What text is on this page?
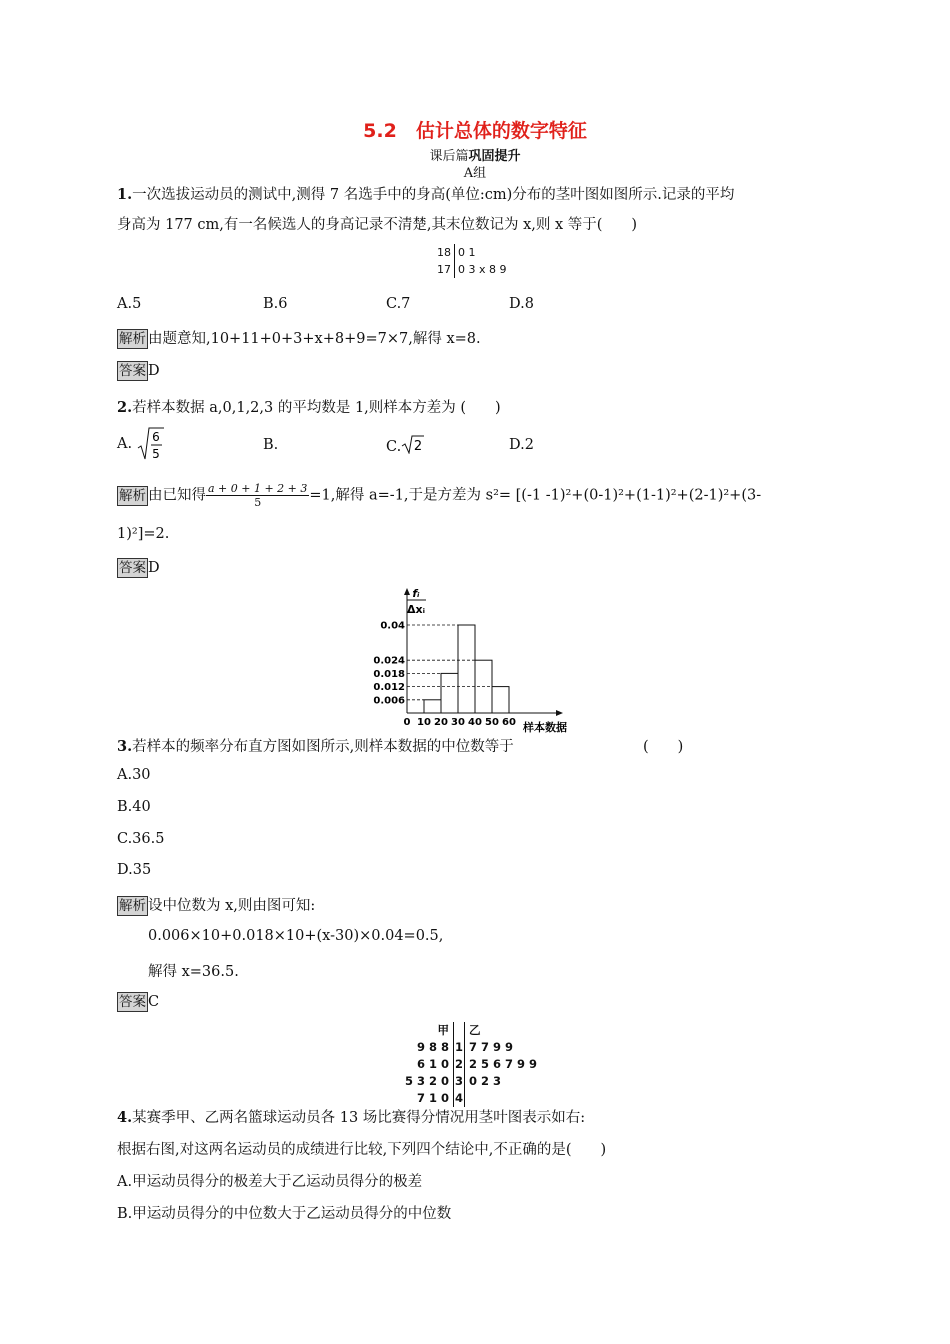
5.2　估计总体的数字特征
课后篇巩固提升
A组
1.一次选拔运动员的测试中,测得 7 名选手中的身高(单位:cm)分布的茎叶图如图所示.记录的平均
身高为 177 cm,有一名候选人的身高记录不清楚,其末位数记为 x,则 x 等于(　　)
18	0 1
17	0 3 x 8 9
A.5	B.6	C.7	D.8
解析 由题意知,10+11+0+3+x+8+9=7×7,解得 x=8.
答案 D
2.若样本数据 a,0,1,2,3 的平均数是 1,则样本方差为 (　　)
A. 6
5
B.	C. 2	D.2
解析 由已知得 $\frac{a + 0 + 1 + 2 + 3}{5} =1$,解得 a=-1,于是方差为 s²= [(-1 -1)²+(0-1)²+(1-1)²+(2-1)²+(3-
1)²]=2.
答案 D
fᵢ
Δxᵢ
0.04
0.024
0.018
0.012
0.006
0 10 20 30 40 50 60 样本数据
3.若样本的频率分布直方图如图所示,则样本数据的中位数等于	(　　)
A.30
B.40
C.36.5
D.35
解析 设中位数为 x,则由图可知:
0.006×10+0.018×10+(x-30)×0.04=0.5,
解得 x=36.5.
答案 C
甲		乙
9 8 8	1	7 7 9 9
6 1 0	2	2 5 6 7 9 9
5 3 2 0	3	0 2 3
7 1 0	4	
4.某赛季甲、乙两名篮球运动员各 13 场比赛得分情况用茎叶图表示如右:
根据右图,对这两名运动员的成绩进行比较,下列四个结论中,不正确的是(　　)
A.甲运动员得分的极差大于乙运动员得分的极差
B.甲运动员得分的中位数大于乙运动员得分的中位数
